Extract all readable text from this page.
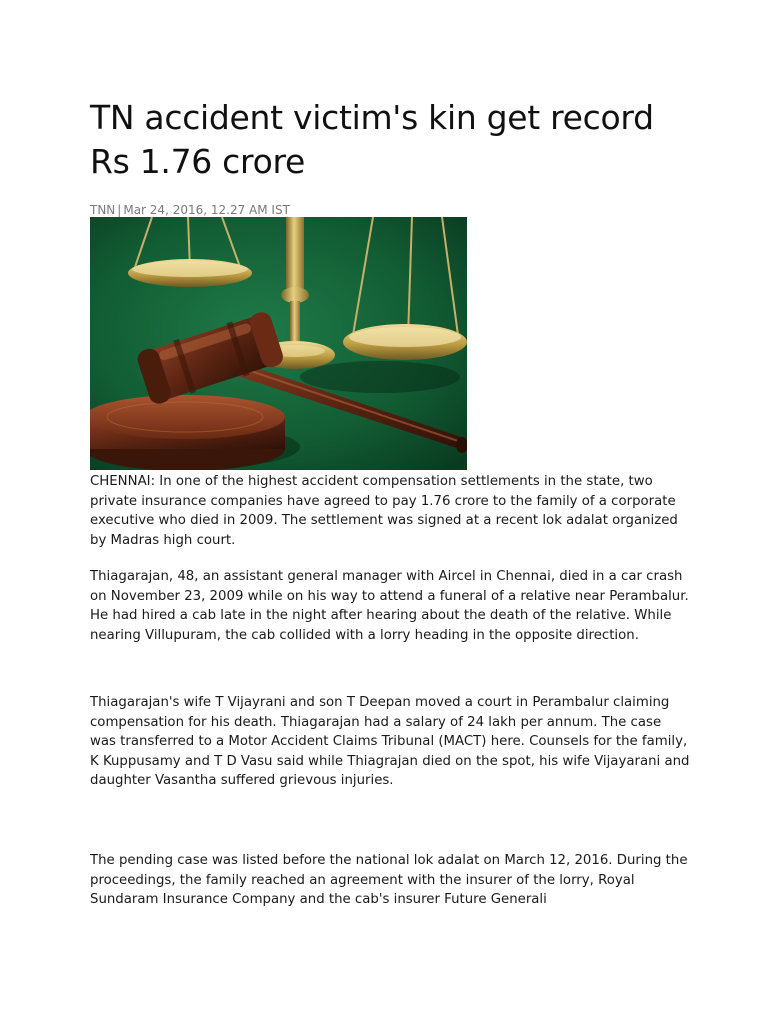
TN accident victim's kin get record Rs 1.76 crore
TNN | Mar 24, 2016, 12.27 AM IST

CHENNAI: In one of the highest accident compensation settlements in the state, two private insurance companies have agreed to pay 1.76 crore to the family of a corporate executive who died in 2009. The settlement was signed at a recent lok adalat organized by Madras high court.

Thiagarajan, 48, an assistant general manager with Aircel in Chennai, died in a car crash on November 23, 2009 while on his way to attend a funeral of a relative near Perambalur. He had hired a cab late in the night after hearing about the death of the relative. While nearing Villupuram, the cab collided with a lorry heading in the opposite direction.

Thiagarajan's wife T Vijayrani and son T Deepan moved a court in Perambalur claiming compensation for his death. Thiagarajan had a salary of 24 lakh per annum. The case was transferred to a Motor Accident Claims Tribunal (MACT) here. Counsels for the family, K Kuppusamy and T D Vasu said while Thiagrajan died on the spot, his wife Vijayarani and daughter Vasantha suffered grievous injuries.

The pending case was listed before the national lok adalat on March 12, 2016. During the proceedings, the family reached an agreement with the insurer of the lorry, Royal Sundaram Insurance Company and the cab's insurer Future Generali
